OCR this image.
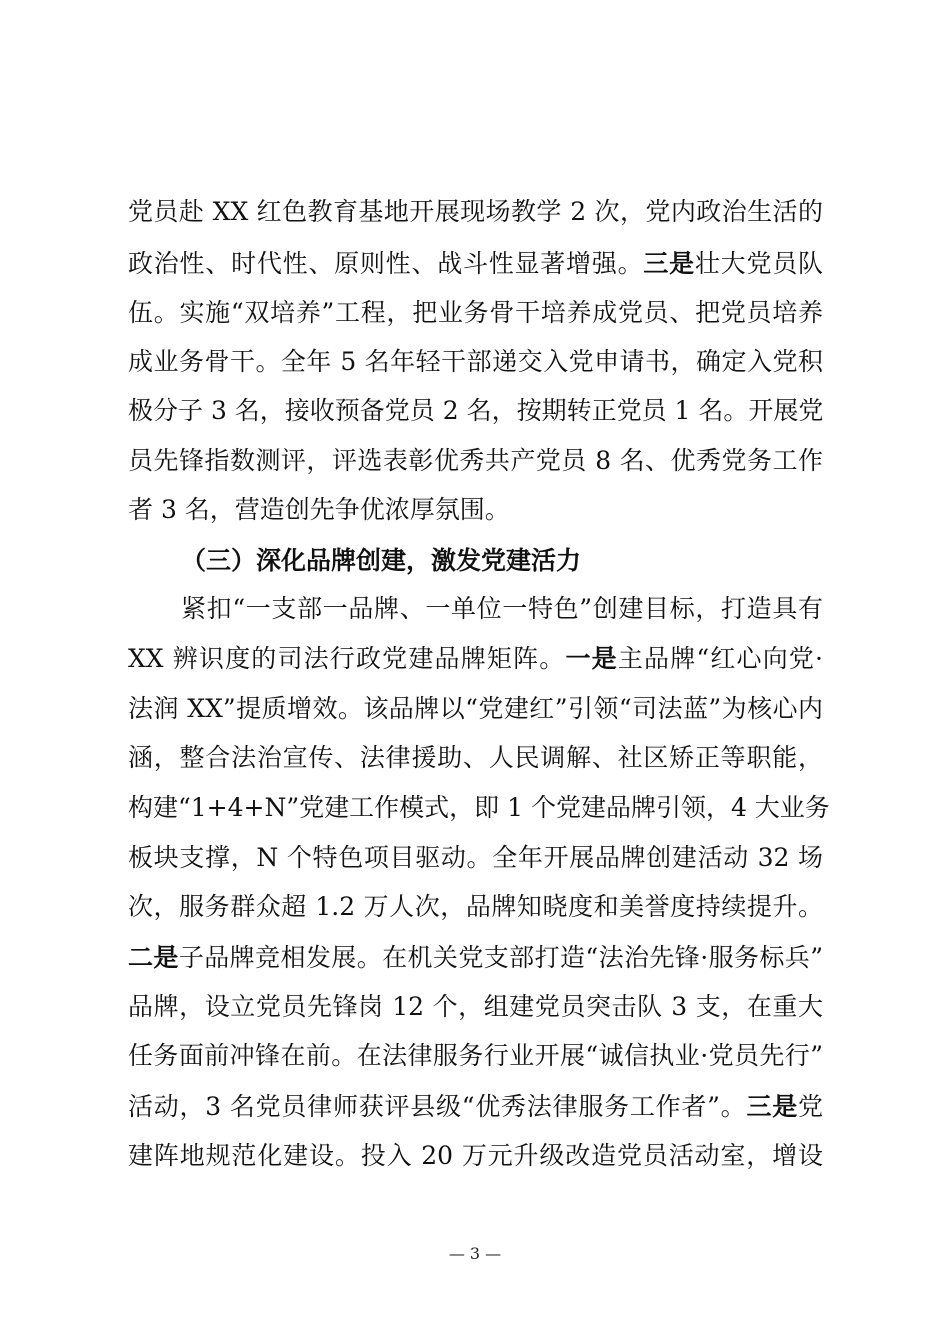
党员赴 XX 红色教育基地开展现场教学 2 次，党内政治生活的
政治性、时代性、原则性、战斗性显著增强。三是壮大党员队
伍。实施“双培养”工程，把业务骨干培养成党员、把党员培养
成业务骨干。全年 5 名年轻干部递交入党申请书，确定入党积
极分子 3 名，接收预备党员 2 名，按期转正党员 1 名。开展党
员先锋指数测评，评选表彰优秀共产党员 8 名、优秀党务工作
者 3 名，营造创先争优浓厚氛围。
（三）深化品牌创建，激发党建活力
紧扣“一支部一品牌、一单位一特色”创建目标，打造具有
XX 辨识度的司法行政党建品牌矩阵。一是主品牌“红心向党·
法润 XX”提质增效。该品牌以“党建红”引领“司法蓝”为核心内
涵，整合法治宣传、法律援助、人民调解、社区矫正等职能，
构建“1+4+N”党建工作模式，即 1 个党建品牌引领，4 大业务
板块支撑，N 个特色项目驱动。全年开展品牌创建活动 32 场
次，服务群众超 1.2 万人次，品牌知晓度和美誉度持续提升。
二是子品牌竞相发展。在机关党支部打造“法治先锋·服务标兵”
品牌，设立党员先锋岗 12 个，组建党员突击队 3 支，在重大
任务面前冲锋在前。在法律服务行业开展“诚信执业·党员先行”
活动，3 名党员律师获评县级“优秀法律服务工作者”。三是党
建阵地规范化建设。投入 20 万元升级改造党员活动室，增设
— 3 —
